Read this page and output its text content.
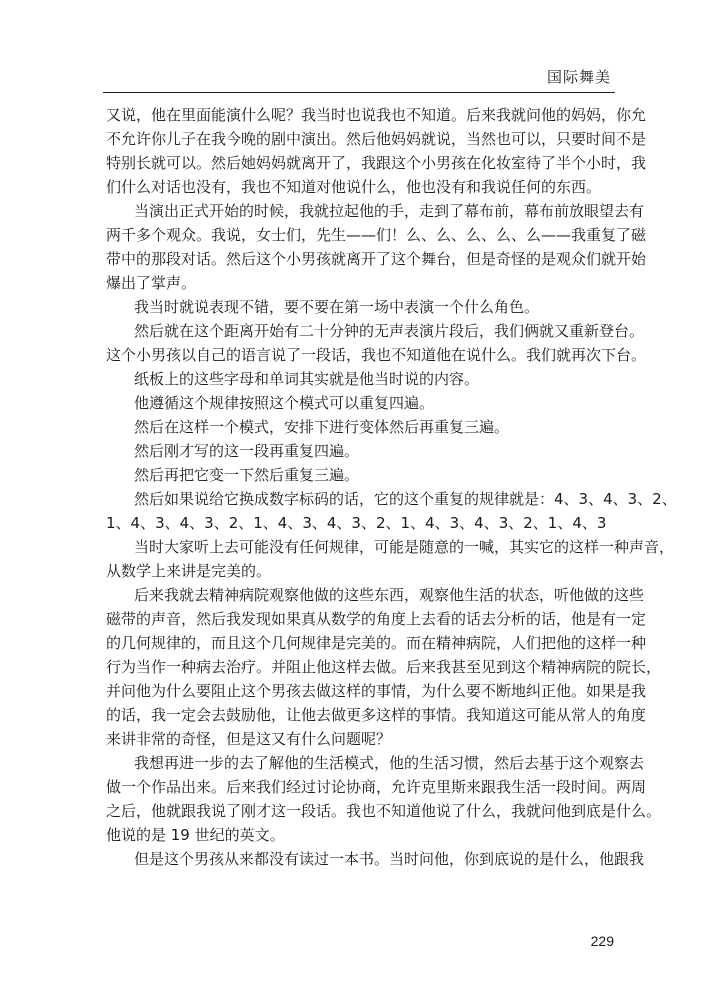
国际舞美

又说，他在里面能演什么呢？我当时也说我也不知道。后来我就问他的妈妈，你允
不允许你儿子在我今晚的剧中演出。然后他妈妈就说，当然也可以，只要时间不是
特别长就可以。然后她妈妈就离开了，我跟这个小男孩在化妆室待了半个小时，我
们什么对话也没有，我也不知道对他说什么，他也没有和我说任何的东西。

当演出正式开始的时候，我就拉起他的手，走到了幕布前，幕布前放眼望去有
两千多个观众。我说，女士们，先生——们！么、么、么、么、么——我重复了磁
带中的那段对话。然后这个小男孩就离开了这个舞台，但是奇怪的是观众们就开始
爆出了掌声。

我当时就说表现不错，要不要在第一场中表演一个什么角色。

然后就在这个距离开始有二十分钟的无声表演片段后，我们俩就又重新登台。
这个小男孩以自己的语言说了一段话，我也不知道他在说什么。我们就再次下台。

纸板上的这些字母和单词其实就是他当时说的内容。

他遵循这个规律按照这个模式可以重复四遍。

然后在这样一个模式，安排下进行变体然后再重复三遍。

然后刚才写的这一段再重复四遍。

然后再把它变一下然后重复三遍。

然后如果说给它换成数字标码的话，它的这个重复的规律就是：4、3、4、3、2、
1、4、3、4、3、2、1、4、3、4、3、2、1、4、3、4、3、2、1、4、3

当时大家听上去可能没有任何规律，可能是随意的一喊，其实它的这样一种声音，
从数学上来讲是完美的。

后来我就去精神病院观察他做的这些东西，观察他生活的状态，听他做的这些
磁带的声音，然后我发现如果真从数学的角度上去看的话去分析的话，他是有一定
的几何规律的，而且这个几何规律是完美的。而在精神病院，人们把他的这样一种
行为当作一种病去治疗。并阻止他这样去做。后来我甚至见到这个精神病院的院长，
并问他为什么要阻止这个男孩去做这样的事情，为什么要不断地纠正他。如果是我
的话，我一定会去鼓励他，让他去做更多这样的事情。我知道这可能从常人的角度
来讲非常的奇怪，但是这又有什么问题呢？

我想再进一步的去了解他的生活模式，他的生活习惯，然后去基于这个观察去
做一个作品出来。后来我们经过讨论协商，允许克里斯来跟我生活一段时间。两周
之后，他就跟我说了刚才这一段话。我也不知道他说了什么，我就问他到底是什么。
他说的是 19 世纪的英文。

但是这个男孩从来都没有读过一本书。当时问他，你到底说的是什么，他跟我

229
